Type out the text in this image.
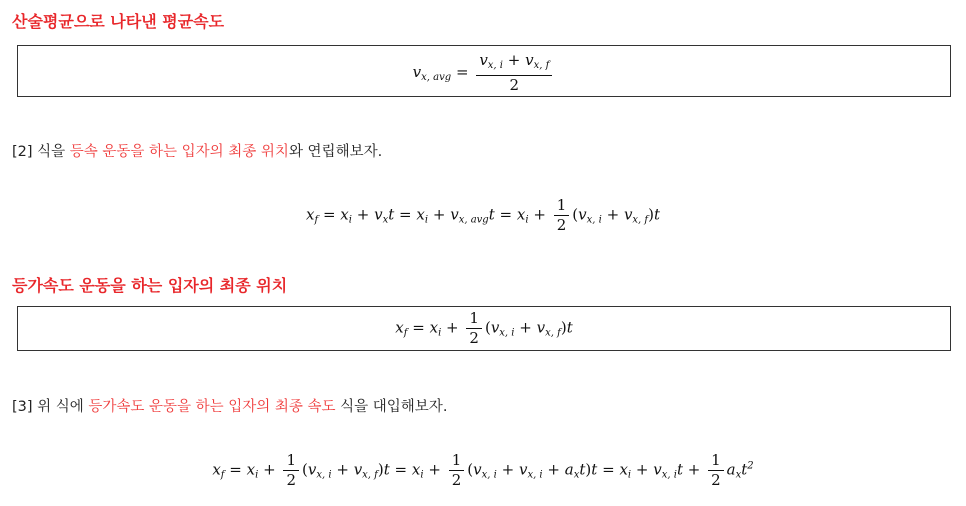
산술평균으로 나타낸 평균속도
$v_{x, avg} = \frac{v_{x, i} + v_{x, f}}{2}$
[2] 식을 등속 운동을 하는 입자의 최종 위치와 연립해보자.
$x_f = x_i + v_xt = x_i + v_{x, avg}t = x_i + \frac{1}{2} (v_{x, i} + v_{x, f})t$
등가속도 운동을 하는 입자의 최종 위치
$x_f = x_i + \frac{1}{2} (v_{x, i} + v_{x, f})t$
[3] 위 식에 등가속도 운동을 하는 입자의 최종 속도 식을 대입해보자.
$x_f = x_i + \frac{1}{2} (v_{x, i} + v_{x, f})t = x_i + \frac{1}{2} (v_{x, i} + v_{x, i} + a_xt)t = x_i + v_{x, i}t + \frac{1}{2} a_xt^2$
